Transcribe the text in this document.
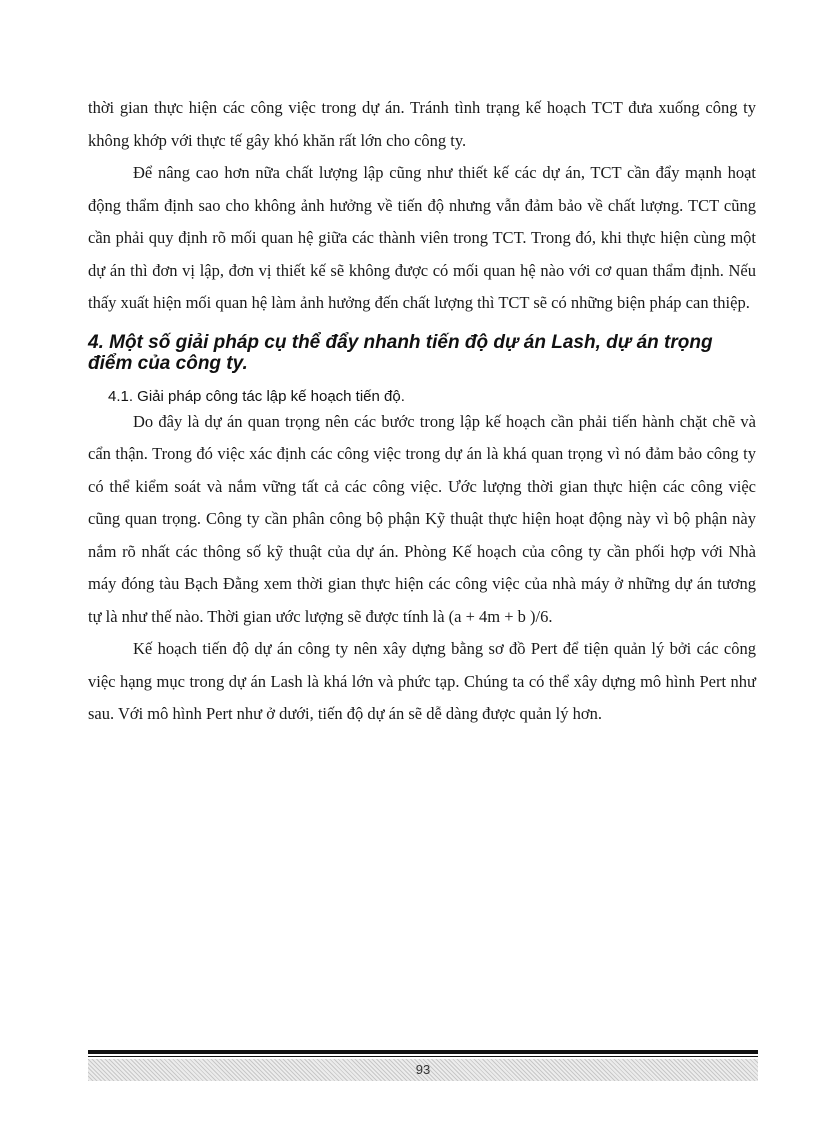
thời gian thực hiện các công việc trong dự án. Tránh tình trạng kế hoạch TCT đưa xuống công ty không khớp với thực tế gây khó khăn rất lớn cho công ty.

Để nâng cao hơn nữa chất lượng lập cũng như thiết kế các dự án, TCT cần đẩy mạnh hoạt động thẩm định sao cho không ảnh hưởng về tiến độ nhưng vẫn đảm bảo về chất lượng. TCT cũng cần phải quy định rõ mối quan hệ giữa các thành viên trong TCT. Trong đó, khi thực hiện cùng một dự án thì đơn vị lập, đơn vị thiết kế sẽ không được có mối quan hệ nào với cơ quan thẩm định. Nếu thấy xuất hiện mối quan hệ làm ảnh hưởng đến chất lượng thì TCT sẽ có những biện pháp can thiệp.

4. Một số giải pháp cụ thể đẩy nhanh tiến độ dự án Lash, dự án trọng điểm của công ty.
4.1. Giải pháp công tác lập kế hoạch tiến độ.

Do đây là dự án quan trọng nên các bước trong lập kế hoạch cần phải tiến hành chặt chẽ và cẩn thận. Trong đó việc xác định các công việc trong dự án là khá quan trọng vì nó đảm bảo công ty có thể kiểm soát và nắm vững tất cả các công việc. Ước lượng thời gian thực hiện các công việc cũng quan trọng. Công ty cần phân công bộ phận Kỹ thuật thực hiện hoạt động này vì bộ phận này nắm rõ nhất các thông số kỹ thuật của dự án. Phòng Kế hoạch của công ty cần phối hợp với Nhà máy đóng tàu Bạch Đằng xem thời gian thực hiện các công việc của nhà máy ở những dự án tương tự là như thế nào. Thời gian ước lượng sẽ được tính là (a + 4m + b )/6.

Kế hoạch tiến độ dự án công ty nên xây dựng bằng sơ đồ Pert để tiện quản lý bởi các công việc hạng mục trong dự án Lash là khá lớn và phức tạp. Chúng ta có thể xây dựng mô hình Pert như sau. Với mô hình Pert như ở dưới, tiến độ dự án sẽ dễ dàng được quản lý hơn.

93
